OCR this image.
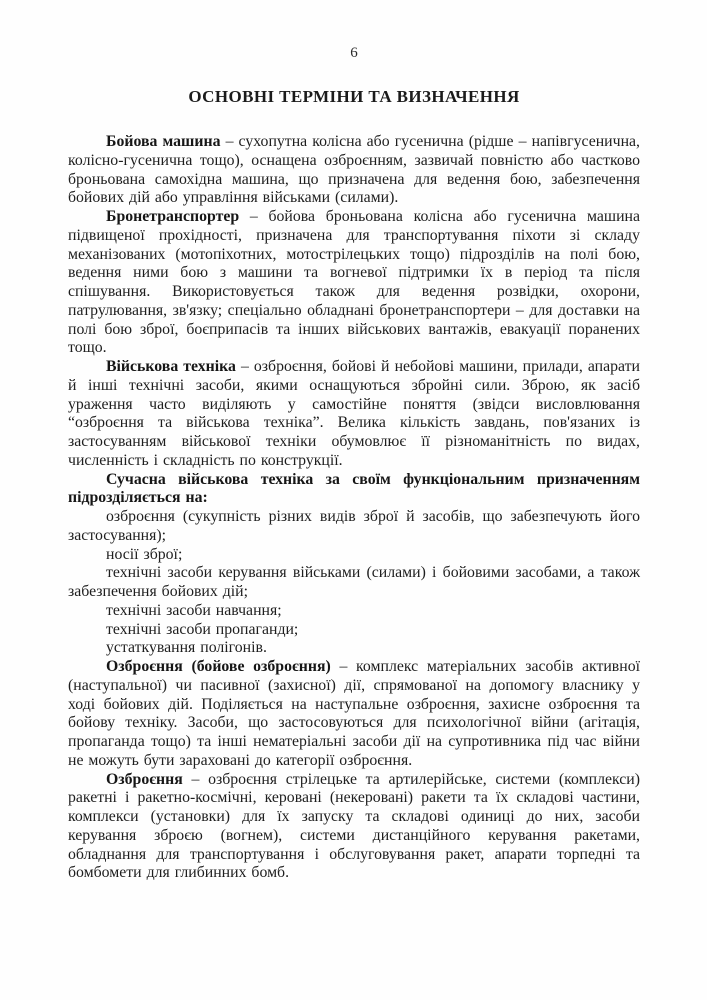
6
ОСНОВНІ ТЕРМІНИ ТА ВИЗНАЧЕННЯ

Бойова машина – сухопутна колісна або гусенична (рідше – напівгусенична, колісно-гусенична тощо), оснащена озброєнням, зазвичай повністю або частково броньована самохідна машина, що призначена для ведення бою, забезпечення бойових дій або управління військами (силами).

Бронетранспортер – бойова броньована колісна або гусенична машина підвищеної прохідності, призначена для транспортування піхоти зі складу механізованих (мотопіхотних, мотострілецьких тощо) підрозділів на полі бою, ведення ними бою з машини та вогневої підтримки їх в період та після спішування. Використовується також для ведення розвідки, охорони, патрулювання, зв'язку; спеціально обладнані бронетранспортери – для доставки на полі бою зброї, боєприпасів та інших військових вантажів, евакуації поранених тощо.

Військова техніка – озброєння, бойові й небойові машини, прилади, апарати й інші технічні засоби, якими оснащуються збройні сили. Зброю, як засіб ураження часто виділяють у самостійне поняття (звідси висловлювання “озброєння та військова техніка”. Велика кількість завдань, пов'язаних із застосуванням військової техніки обумовлює її різноманітність по видах, численність і складність по конструкції.

Сучасна військова техніка за своїм функціональним призначенням підрозділяється на:

озброєння (сукупність різних видів зброї й засобів, що забезпечують його застосування);

носії зброї;

технічні засоби керування військами (силами) і бойовими засобами, а також забезпечення бойових дій;

технічні засоби навчання;

технічні засоби пропаганди;

устаткування полігонів.

Озброєння (бойове озброєння) – комплекс матеріальних засобів активної (наступальної) чи пасивної (захисної) дії, спрямованої на допомогу власнику у ході бойових дій. Поділяється на наступальне озброєння, захисне озброєння та бойову техніку. Засоби, що застосовуються для психологічної війни (агітація, пропаганда тощо) та інші нематеріальні засоби дії на супротивника під час війни не можуть бути зараховані до категорії озброєння.

Озброєння – озброєння стрілецьке та артилерійське, системи (комплекси) ракетні і ракетно-космічні, керовані (некеровані) ракети та їх складові частини, комплекси (установки) для їх запуску та складові одиниці до них, засоби керування зброєю (вогнем), системи дистанційного керування ракетами, обладнання для транспортування і обслуговування ракет, апарати торпедні та бомбомети для глибинних бомб.
